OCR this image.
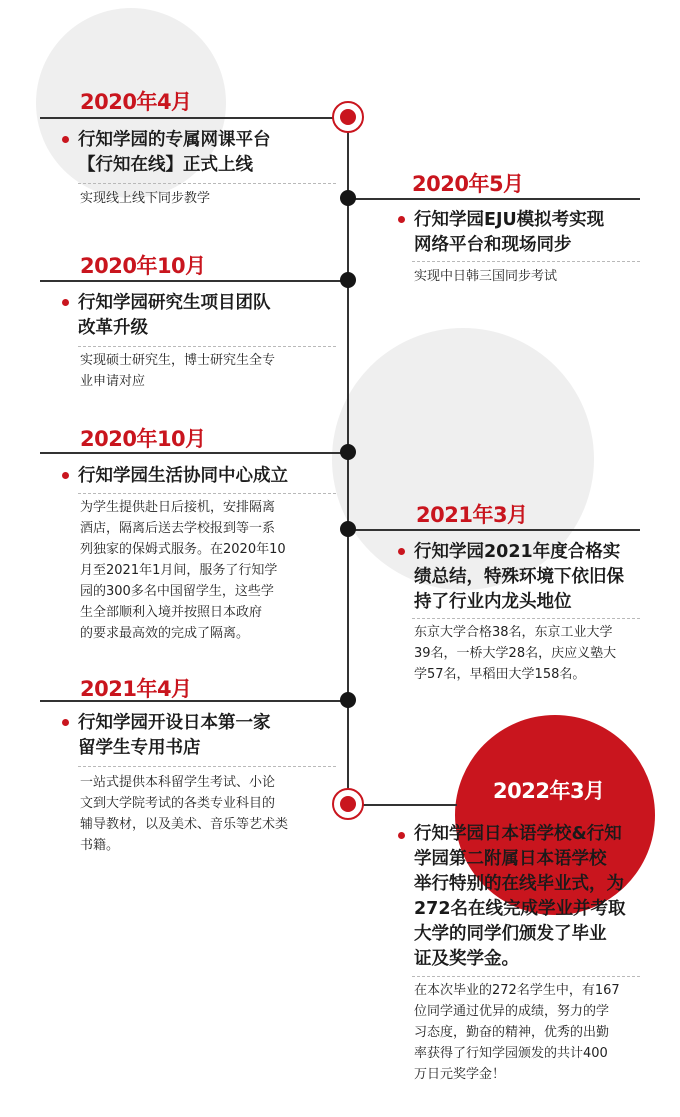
2020年4月
行知学园的专属网课平台
【行知在线】正式上线
实现线上线下同步教学
2020年5月
行知学园EJU模拟考实现
网络平台和现场同步
实现中日韩三国同步考试
2020年10月
行知学园研究生项目团队
改革升级
实现硕士研究生，博士研究生全专
业申请对应
2020年10月
行知学园生活协同中心成立
为学生提供赴日后接机，安排隔离
酒店，隔离后送去学校报到等一系
列独家的保姆式服务。在2020年10
月至2021年1月间，服务了行知学
园的300多名中国留学生，这些学
生全部顺利入境并按照日本政府
的要求最高效的完成了隔离。
2021年3月
行知学园2021年度合格实
绩总结，特殊环境下依旧保
持了行业内龙头地位
东京大学合格38名，东京工业大学
39名，一桥大学28名，庆应义塾大
学57名，早稻田大学158名。
2021年4月
行知学园开设日本第一家
留学生专用书店
一站式提供本科留学生考试、小论
文到大学院考试的各类专业科目的
辅导教材，以及美术、音乐等艺术类
书籍。
2022年3月
行知学园日本语学校&行知
学园第二附属日本语学校
举行特别的在线毕业式，为
272名在线完成学业并考取
大学的同学们颁发了毕业
证及奖学金。
在本次毕业的272名学生中，有167
位同学通过优异的成绩，努力的学
习态度，勤奋的精神，优秀的出勤
率获得了行知学园颁发的共计400
万日元奖学金！
